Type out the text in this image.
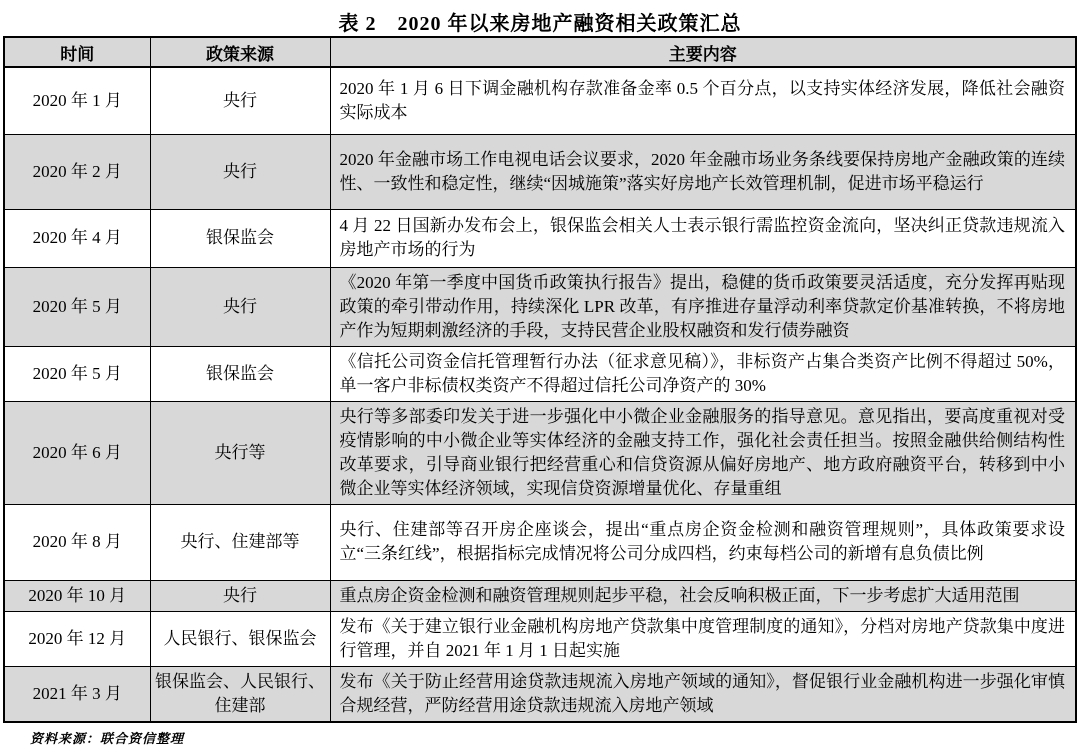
表 2　2020 年以来房地产融资相关政策汇总
时间	政策来源	主要内容
2020 年 1 月	央行	2020 年 1 月 6 日下调金融机构存款准备金率 0.5 个百分点，以支持实体经济发展，降低社会融资实际成本
2020 年 2 月	央行	2020 年金融市场工作电视电话会议要求，2020 年金融市场业务条线要保持房地产金融政策的连续性、一致性和稳定性，继续“因城施策”落实好房地产长效管理机制，促进市场平稳运行
2020 年 4 月	银保监会	4 月 22 日国新办发布会上，银保监会相关人士表示银行需监控资金流向，坚决纠正贷款违规流入房地产市场的行为
2020 年 5 月	央行	《2020 年第一季度中国货币政策执行报告》提出，稳健的货币政策要灵活适度，充分发挥再贴现政策的牵引带动作用，持续深化 LPR 改革，有序推进存量浮动利率贷款定价基准转换，不将房地产作为短期刺激经济的手段，支持民营企业股权融资和发行债券融资
2020 年 5 月	银保监会	《信托公司资金信托管理暂行办法（征求意见稿）》，非标资产占集合类资产比例不得超过 50%，单一客户非标债权类资产不得超过信托公司净资产的 30%
2020 年 6 月	央行等	央行等多部委印发关于进一步强化中小微企业金融服务的指导意见。意见指出，要高度重视对受疫情影响的中小微企业等实体经济的金融支持工作，强化社会责任担当。按照金融供给侧结构性改革要求，引导商业银行把经营重心和信贷资源从偏好房地产、地方政府融资平台，转移到中小微企业等实体经济领域，实现信贷资源增量优化、存量重组
2020 年 8 月	央行、住建部等	央行、住建部等召开房企座谈会，提出“重点房企资金检测和融资管理规则”，具体政策要求设立“三条红线”，根据指标完成情况将公司分成四档，约束每档公司的新增有息负债比例
2020 年 10 月	央行	重点房企资金检测和融资管理规则起步平稳，社会反响积极正面，下一步考虑扩大适用范围
2020 年 12 月	人民银行、银保监会	发布《关于建立银行业金融机构房地产贷款集中度管理制度的通知》，分档对房地产贷款集中度进行管理，并自 2021 年 1 月 1 日起实施
2021 年 3 月	银保监会、人民银行、住建部	发布《关于防止经营用途贷款违规流入房地产领域的通知》，督促银行业金融机构进一步强化审慎合规经营，严防经营用途贷款违规流入房地产领域
资料来源：联合资信整理
